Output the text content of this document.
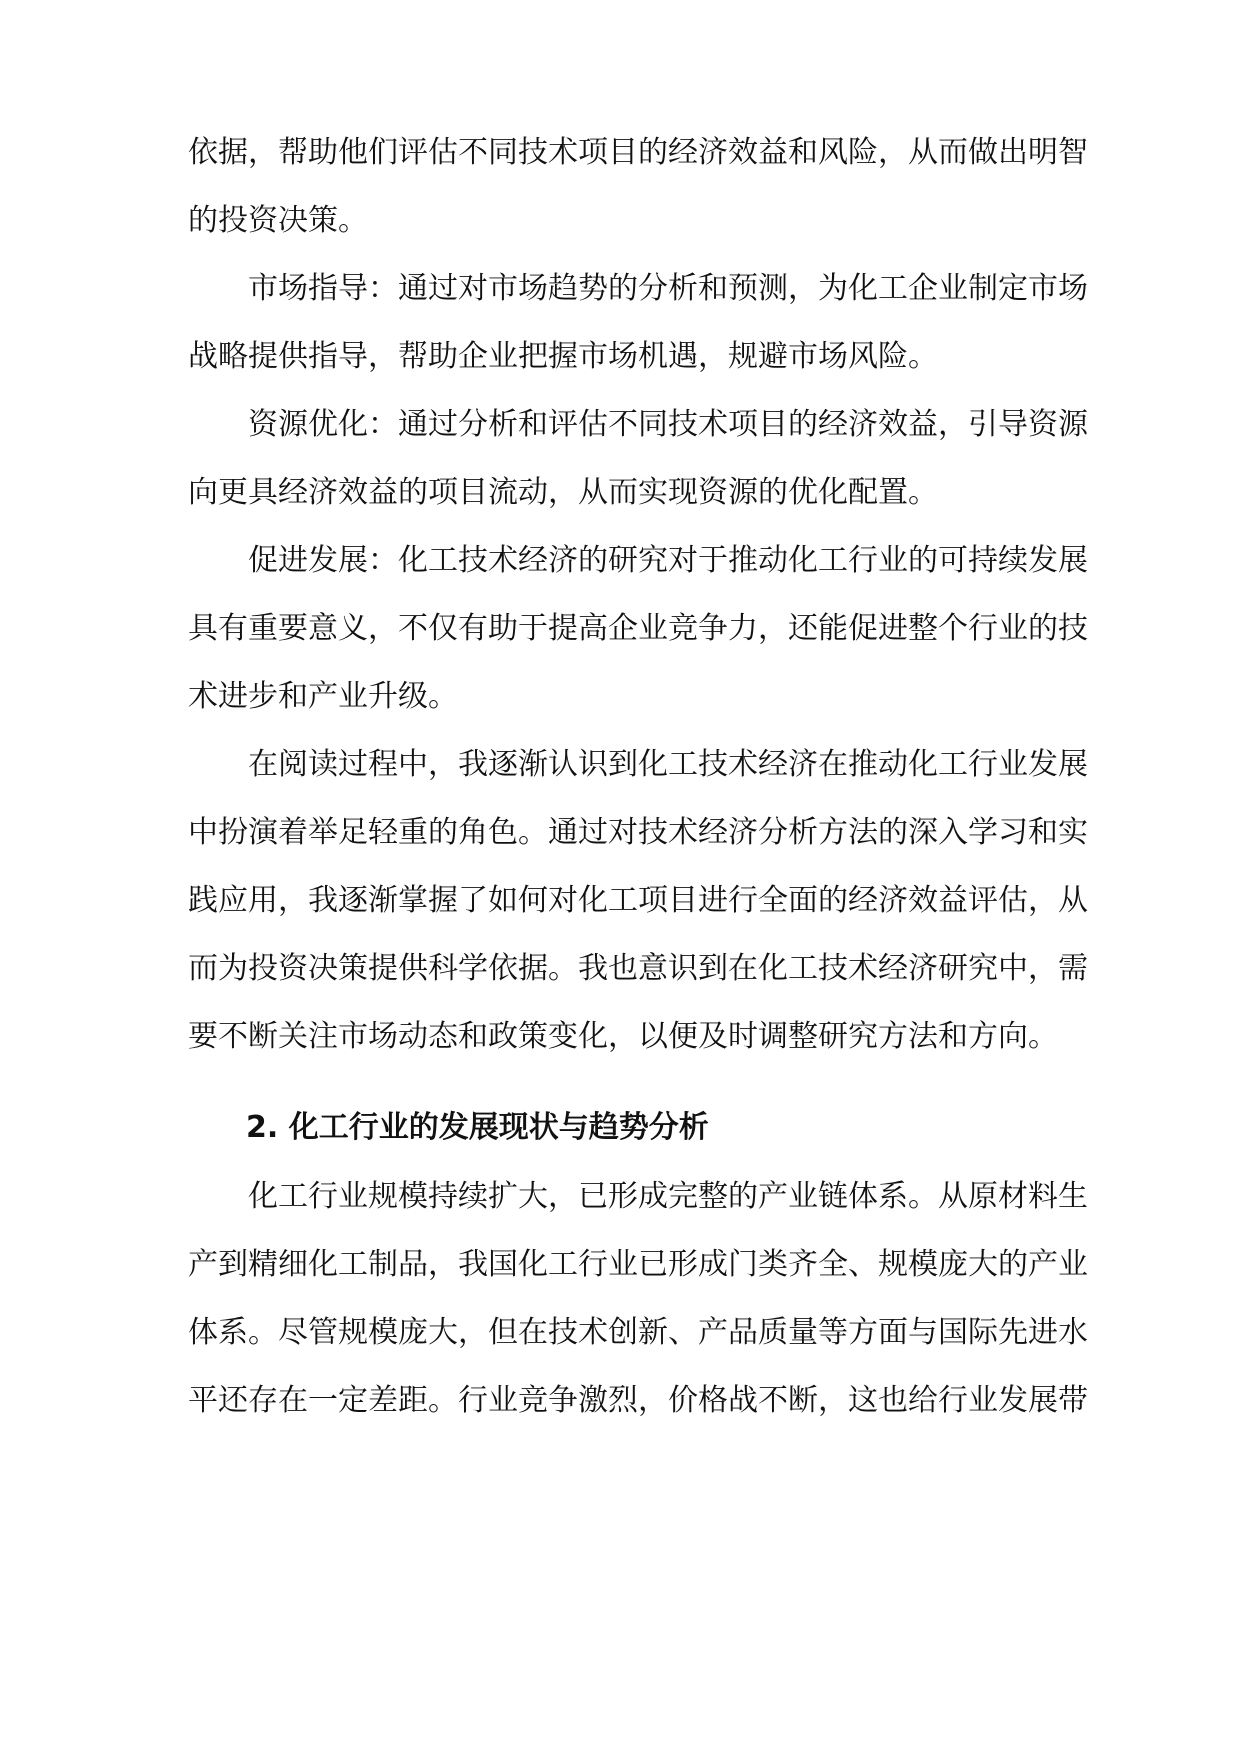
依据，帮助他们评估不同技术项目的经济效益和风险，从而做出明智
的投资决策。
市场指导：通过对市场趋势的分析和预测，为化工企业制定市场
战略提供指导，帮助企业把握市场机遇，规避市场风险。
资源优化：通过分析和评估不同技术项目的经济效益，引导资源
向更具经济效益的项目流动，从而实现资源的优化配置。
促进发展：化工技术经济的研究对于推动化工行业的可持续发展
具有重要意义，不仅有助于提高企业竞争力，还能促进整个行业的技
术进步和产业升级。
在阅读过程中，我逐渐认识到化工技术经济在推动化工行业发展
中扮演着举足轻重的角色。通过对技术经济分析方法的深入学习和实
践应用，我逐渐掌握了如何对化工项目进行全面的经济效益评估，从
而为投资决策提供科学依据。我也意识到在化工技术经济研究中，需
要不断关注市场动态和政策变化，以便及时调整研究方法和方向。
2. 化工行业的发展现状与趋势分析
化工行业规模持续扩大，已形成完整的产业链体系。从原材料生
产到精细化工制品，我国化工行业已形成门类齐全、规模庞大的产业
体系。尽管规模庞大，但在技术创新、产品质量等方面与国际先进水
平还存在一定差距。行业竞争激烈，价格战不断，这也给行业发展带
